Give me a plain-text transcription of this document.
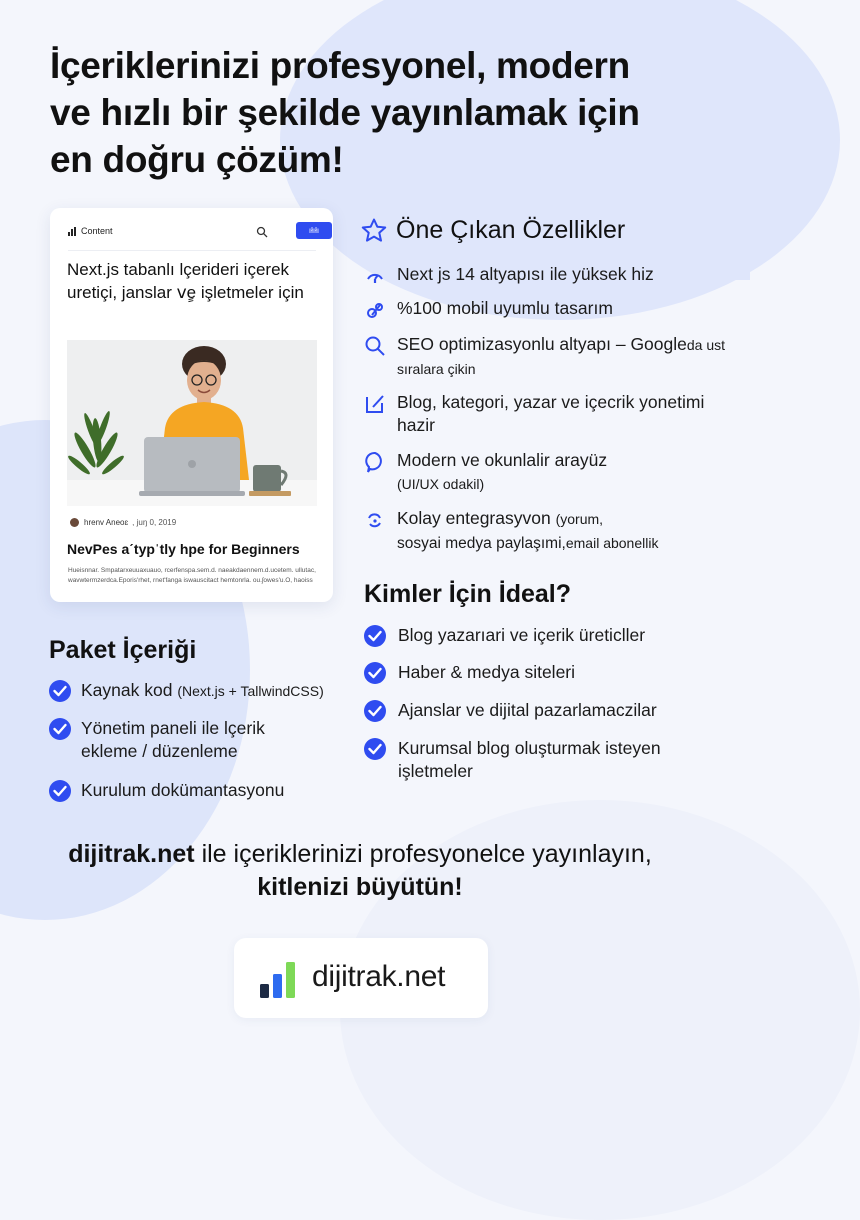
İçeriklerinizi profesyonel, modern ve hızlı bir şekilde yayınlamak için en doğru çözüm!
Content	ıłıłı
Next.js tabanlı lçerideri içerek uretiçi, janslar vٍe işletmeler için
hrenv Aneoɛ , juŋ 0, 2019
NevPes aˊtypˈtly hpe for Beginners
Hueisnnar. Smpatarxeuuaxuauo, rcerfenspa.sem.d. naeakdaennem.d.ucetem. ullutac, wavwtermzerdca.Eporis'rhet, rnet'fanga iswauscitact hemtonrla. ou.ʃowes'u.O, haoiss
Öne Çıkan Özellikler
Next js 14 altyapısı ile yüksek hiz
%100 mobil uyumlu tasarım
SEO optimizasyonlu altyapı – Googleda ust sıralara çikin
Blog, kategori, yazar ve içecrik yonetimi hazir
Modern ve okunlalir arayüz
(UI/UX odakil)
Kolay entegrasyvon (yorum,
sosyai medya paylaşımi,email abonellik
Kimler İçin İdeal?
Blog yazarıari ve içerik üreticller
Haber & medya siteleri
Ajanslar ve dijital pazarlamaczilar
Kurumsal blog oluşturmak isteyen işletmeler
Paket İçeriği
Kaynak kod (Next.js + TallwindCSS)
Yönetim paneli ile lçerik ekleme / düzenleme
Kurulum dokümantasyonu
dijitrak.net ile içeriklerinizi profesyonelce yayınlayın, kitlenizi büyütün!
dijitrak.net
